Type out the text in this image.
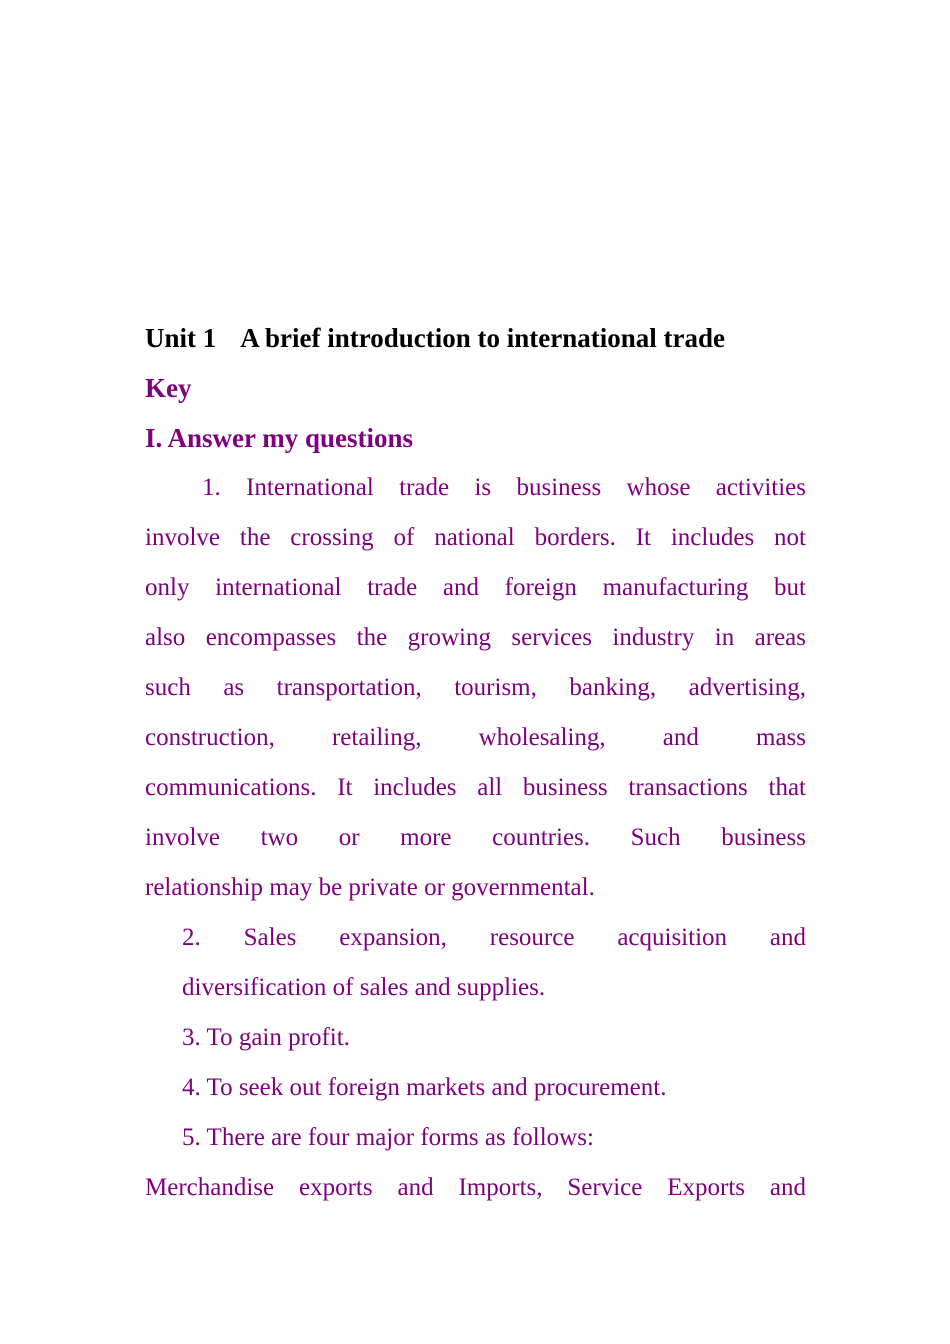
Unit 1 A brief introduction to international trade
Key
I. Answer my questions
1. International trade is business whose activities
involve the crossing of national borders. It includes not
only international trade and foreign manufacturing but
also encompasses the growing services industry in areas
such as transportation, tourism, banking, advertising,
construction, retailing, wholesaling, and mass
communications. It includes all business transactions that
involve two or more countries. Such business
relationship may be private or governmental.
2. Sales expansion, resource acquisition and
diversification of sales and supplies.
3. To gain profit.
4. To seek out foreign markets and procurement.
5. There are four major forms as follows:
Merchandise exports and Imports, Service Exports and
